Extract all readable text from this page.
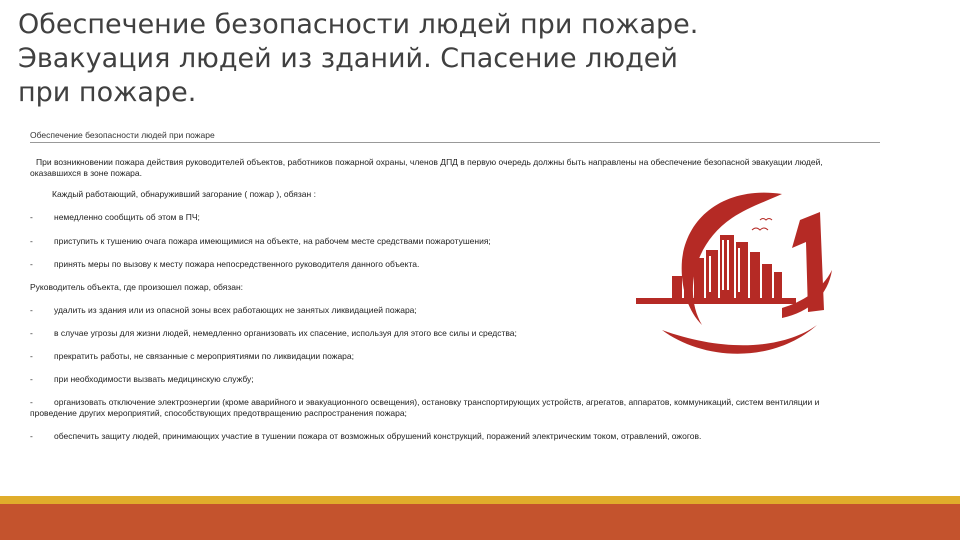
Обеспечение безопасности людей при пожаре. Эвакуация людей из зданий. Спасение людей при пожаре.
Обеспечение безопасности людей при пожаре
При возникновении пожара действия руководителей объектов, работников пожарной охраны, членов ДПД в первую очередь должны быть направлены на обеспечение безопасной эвакуации людей, оказавшихся в зоне пожара.
Каждый работающий, обнаруживший загорание ( пожар ), обязан :
- немедленно сообщить об этом в ПЧ;
- приступить к тушению очага пожара имеющимися на объекте, на рабочем месте средствами пожаротушения;
- принять меры по вызову к месту пожара непосредственного руководителя данного объекта.
Руководитель объекта, где произошел пожар, обязан:
- удалить из здания или из опасной зоны всех работающих не занятых ликвидацией пожара;
- в случае угрозы для жизни людей, немедленно организовать их спасение, используя для этого все силы и средства;
- прекратить работы, не связанные с мероприятиями по ликвидации пожара;
- при необходимости вызвать медицинскую службу;
- организовать отключение электроэнергии (кроме аварийного и эвакуационного освещения), остановку транспортирующих устройств, агрегатов, аппаратов, коммуникаций, систем вентиляции и проведение других мероприятий, способствующих предотвращению распространения пожара;
- обеспечить защиту людей, принимающих участие в тушении пожара от возможных обрушений конструкций, поражений электрическим током, отравлений, ожогов.
